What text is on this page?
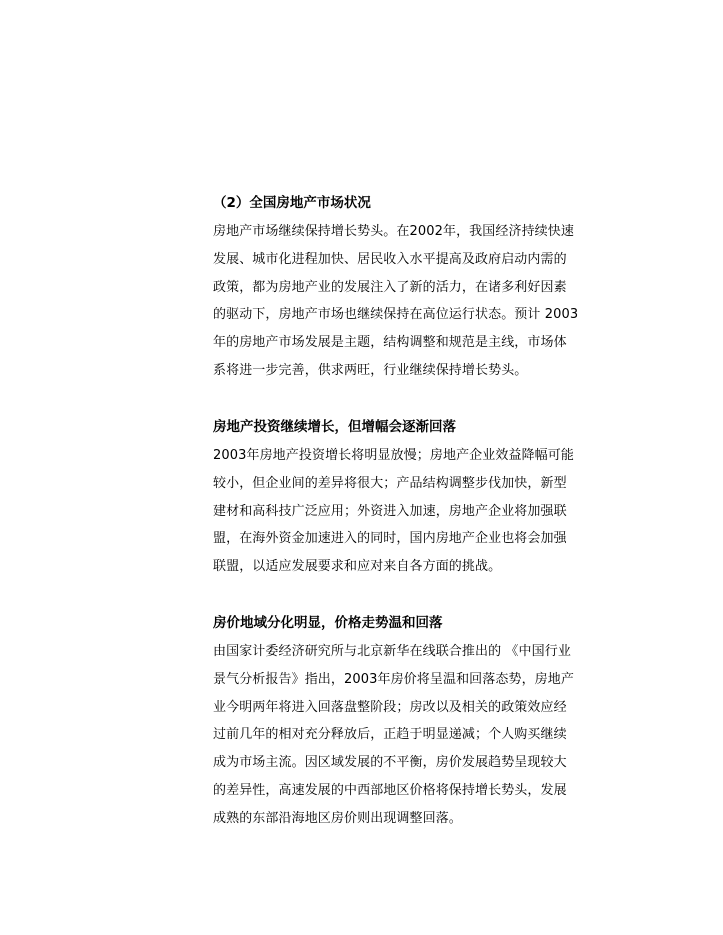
（2）全国房地产市场状况

房地产市场继续保持增长势头。在2002年，我国经济持续快速

发展、城市化进程加快、居民收入水平提高及政府启动内需的

政策，都为房地产业的发展注入了新的活力，在诸多利好因素

的驱动下，房地产市场也继续保持在高位运行状态。预计 2003

年的房地产市场发展是主题，结构调整和规范是主线，市场体

系将进一步完善，供求两旺，行业继续保持增长势头。

房地产投资继续增长，但增幅会逐渐回落

2003年房地产投资增长将明显放慢；房地产企业效益降幅可能

较小，但企业间的差异将很大；产品结构调整步伐加快，新型

建材和高科技广泛应用；外资进入加速，房地产企业将加强联

盟，在海外资金加速进入的同时，国内房地产企业也将会加强

联盟，以适应发展要求和应对来自各方面的挑战。

房价地域分化明显，价格走势温和回落

由国家计委经济研究所与北京新华在线联合推出的 《中国行业

景气分析报告》指出，2003年房价将呈温和回落态势，房地产

业今明两年将进入回落盘整阶段；房改以及相关的政策效应经

过前几年的相对充分释放后，正趋于明显递减；个人购买继续

成为市场主流。因区域发展的不平衡，房价发展趋势呈现较大

的差异性，高速发展的中西部地区价格将保持增长势头，发展

成熟的东部沿海地区房价则出现调整回落。
